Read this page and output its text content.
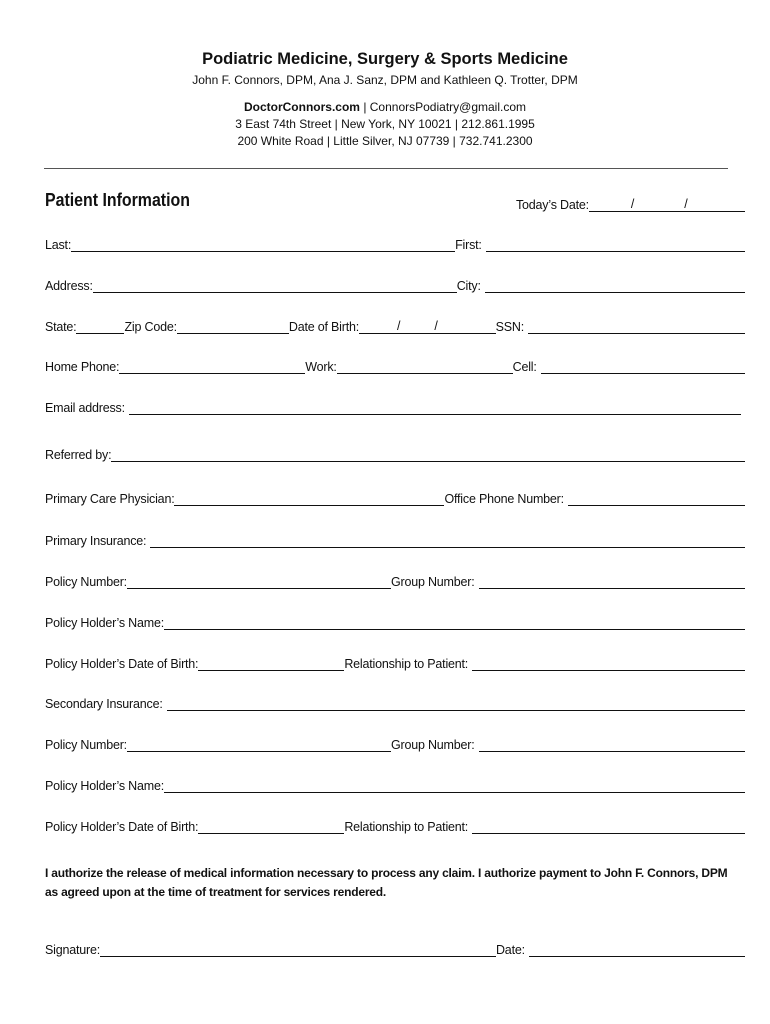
Podiatric Medicine, Surgery & Sports Medicine
John F. Connors, DPM, Ana J. Sanz, DPM and Kathleen Q. Trotter, DPM
DoctorConnors.com | ConnorsPodiatry@gmail.com
3 East 74th Street | New York, NY 10021 | 212.861.1995
200 White Road | Little Silver, NJ 07739 | 732.741.2300
Patient Information	Today’s Date:	/	/
Last:	First:
Address:	City:
State:	Zip Code:	Date of Birth:	/	/	SSN:
Home Phone:	Work:	Cell:
Email address:
Referred by:
Primary Care Physician:	Office Phone Number:
Primary Insurance:
Policy Number:	Group Number:
Policy Holder’s Name:
Policy Holder’s Date of Birth:	Relationship to Patient:
Secondary Insurance:
Policy Number:	Group Number:
Policy Holder’s Name:
Policy Holder’s Date of Birth:	Relationship to Patient:
I authorize the release of medical information necessary to process any claim. I authorize payment to John F. Connors, DPM as agreed upon at the time of treatment for services rendered.
Signature:	Date:
